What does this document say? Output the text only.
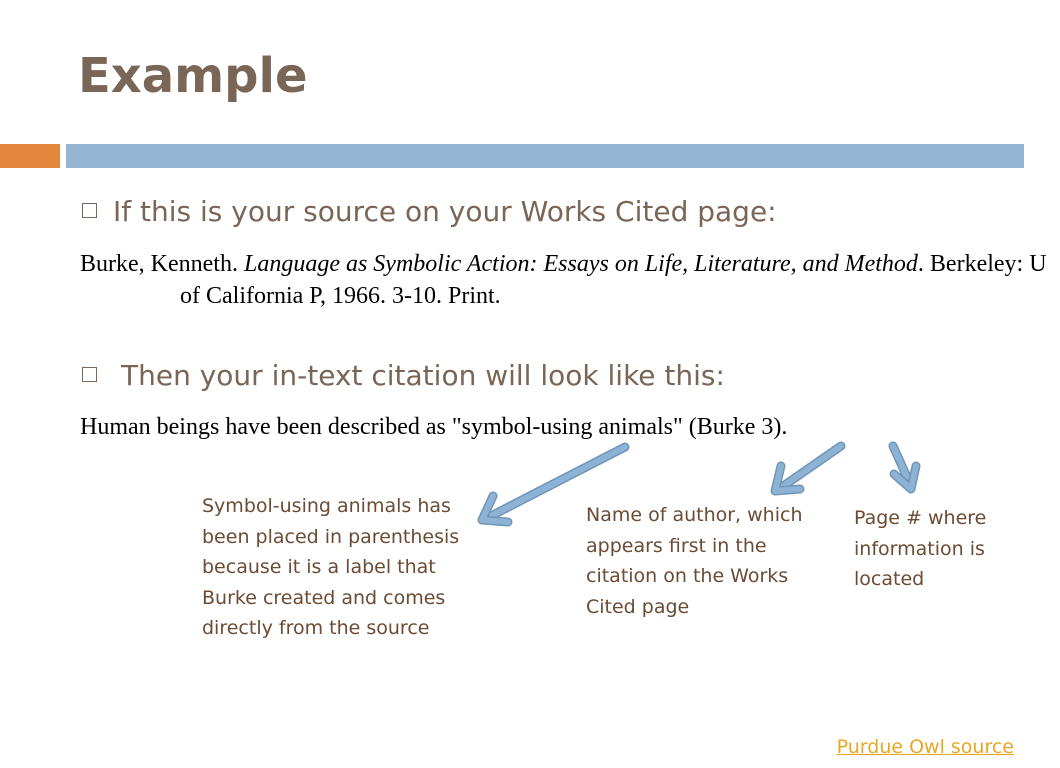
Example
If this is your source on your Works Cited page:

Burke, Kenneth. Language as Symbolic Action: Essays on Life, Literature, and Method. Berkeley: U of California P, 1966. 3-10. Print.

Then your in-text citation will look like this:
Human beings have been described as "symbol-using animals" (Burke 3).

Symbol-using animals has been placed in parenthesis because it is a label that Burke created and comes directly from the source

Name of author, which appears first in the citation on the Works Cited page

Page # where information is located

Purdue Owl source
